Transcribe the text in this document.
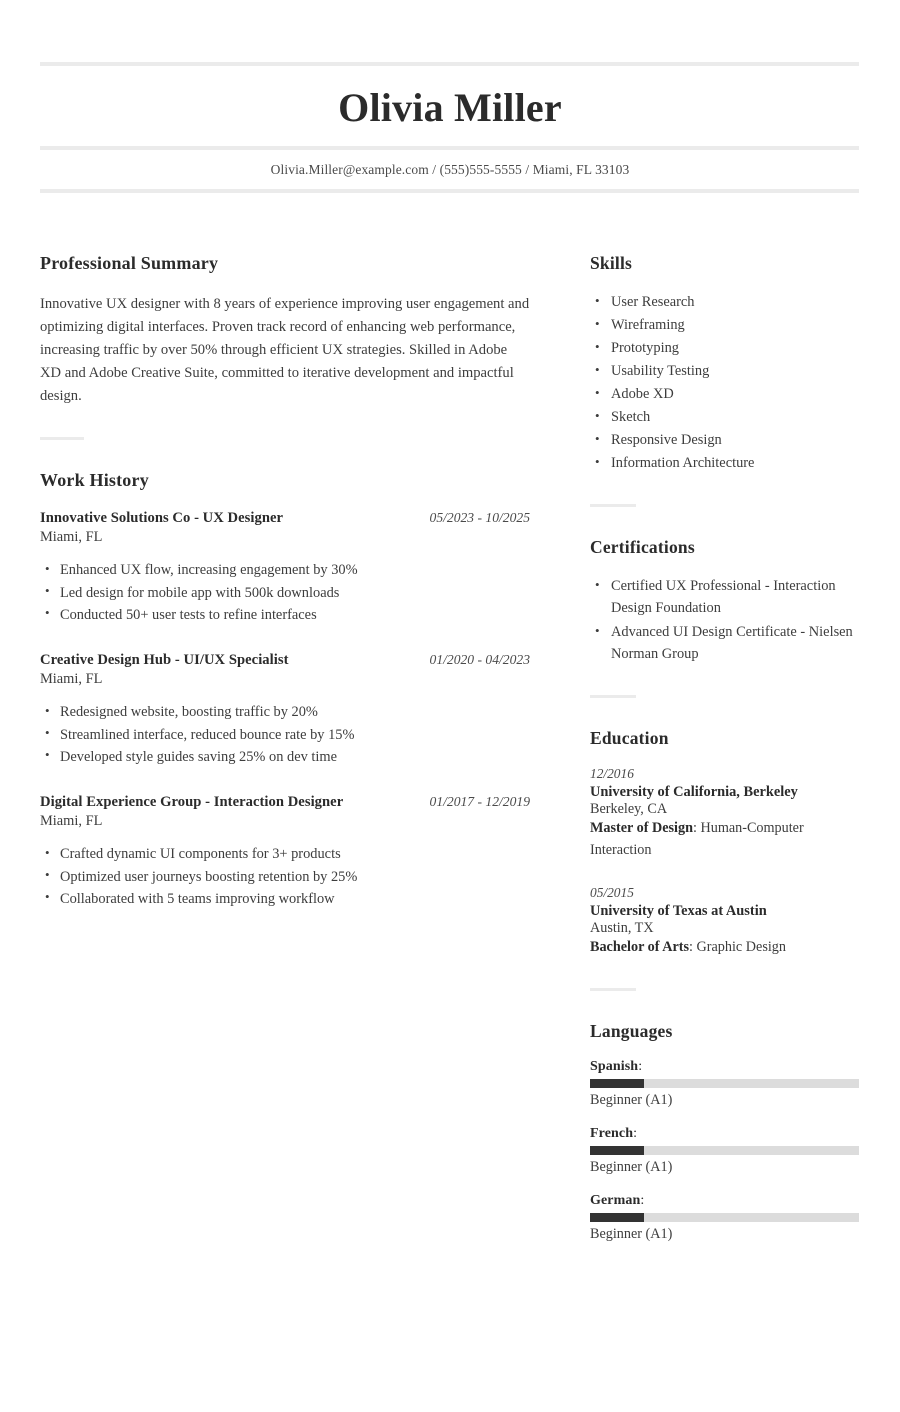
Olivia Miller
Olivia.Miller@example.com / (555)555-5555 / Miami, FL 33103
Professional Summary
Innovative UX designer with 8 years of experience improving user engagement and optimizing digital interfaces. Proven track record of enhancing web performance, increasing traffic by over 50% through efficient UX strategies. Skilled in Adobe XD and Adobe Creative Suite, committed to iterative development and impactful design.
Work History
Innovative Solutions Co - UX Designer	05/2023 - 10/2025
Miami, FL
• Enhanced UX flow, increasing engagement by 30%
• Led design for mobile app with 500k downloads
• Conducted 50+ user tests to refine interfaces
Creative Design Hub - UI/UX Specialist	01/2020 - 04/2023
Miami, FL
• Redesigned website, boosting traffic by 20%
• Streamlined interface, reduced bounce rate by 15%
• Developed style guides saving 25% on dev time
Digital Experience Group - Interaction Designer	01/2017 - 12/2019
Miami, FL
• Crafted dynamic UI components for 3+ products
• Optimized user journeys boosting retention by 25%
• Collaborated with 5 teams improving workflow
Skills
• User Research
• Wireframing
• Prototyping
• Usability Testing
• Adobe XD
• Sketch
• Responsive Design
• Information Architecture
Certifications
• Certified UX Professional - Interaction Design Foundation
• Advanced UI Design Certificate - Nielsen Norman Group
Education
12/2016
University of California, Berkeley
Berkeley, CA
Master of Design: Human-Computer Interaction
05/2015
University of Texas at Austin
Austin, TX
Bachelor of Arts: Graphic Design
Languages
Spanish:
Beginner (A1)
French:
Beginner (A1)
German:
Beginner (A1)
